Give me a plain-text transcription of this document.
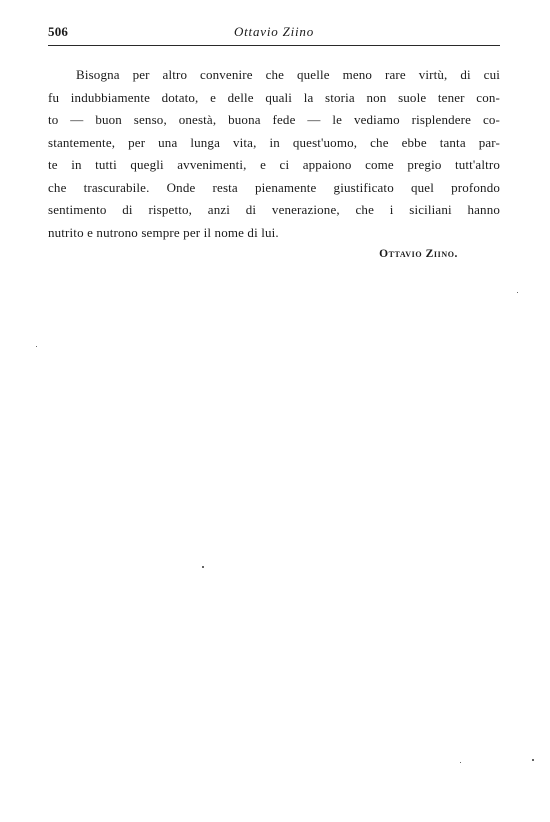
506	Ottavio Ziino
Bisogna per altro convenire che quelle meno rare virtù, di cui
fu indubbiamente dotato, e delle quali la storia non suole tener con-
to — buon senso, onestà, buona fede — le vediamo risplendere co-
stantemente, per una lunga vita, in quest'uomo, che ebbe tanta par-
te in tutti quegli avvenimenti, e ci appaiono come pregio tutt'altro
che trascurabile. Onde resta pienamente giustificato quel profondo
sentimento di rispetto, anzi di venerazione, che i siciliani hanno
nutrito e nutrono sempre per il nome di lui.
Ottavio Ziino.
